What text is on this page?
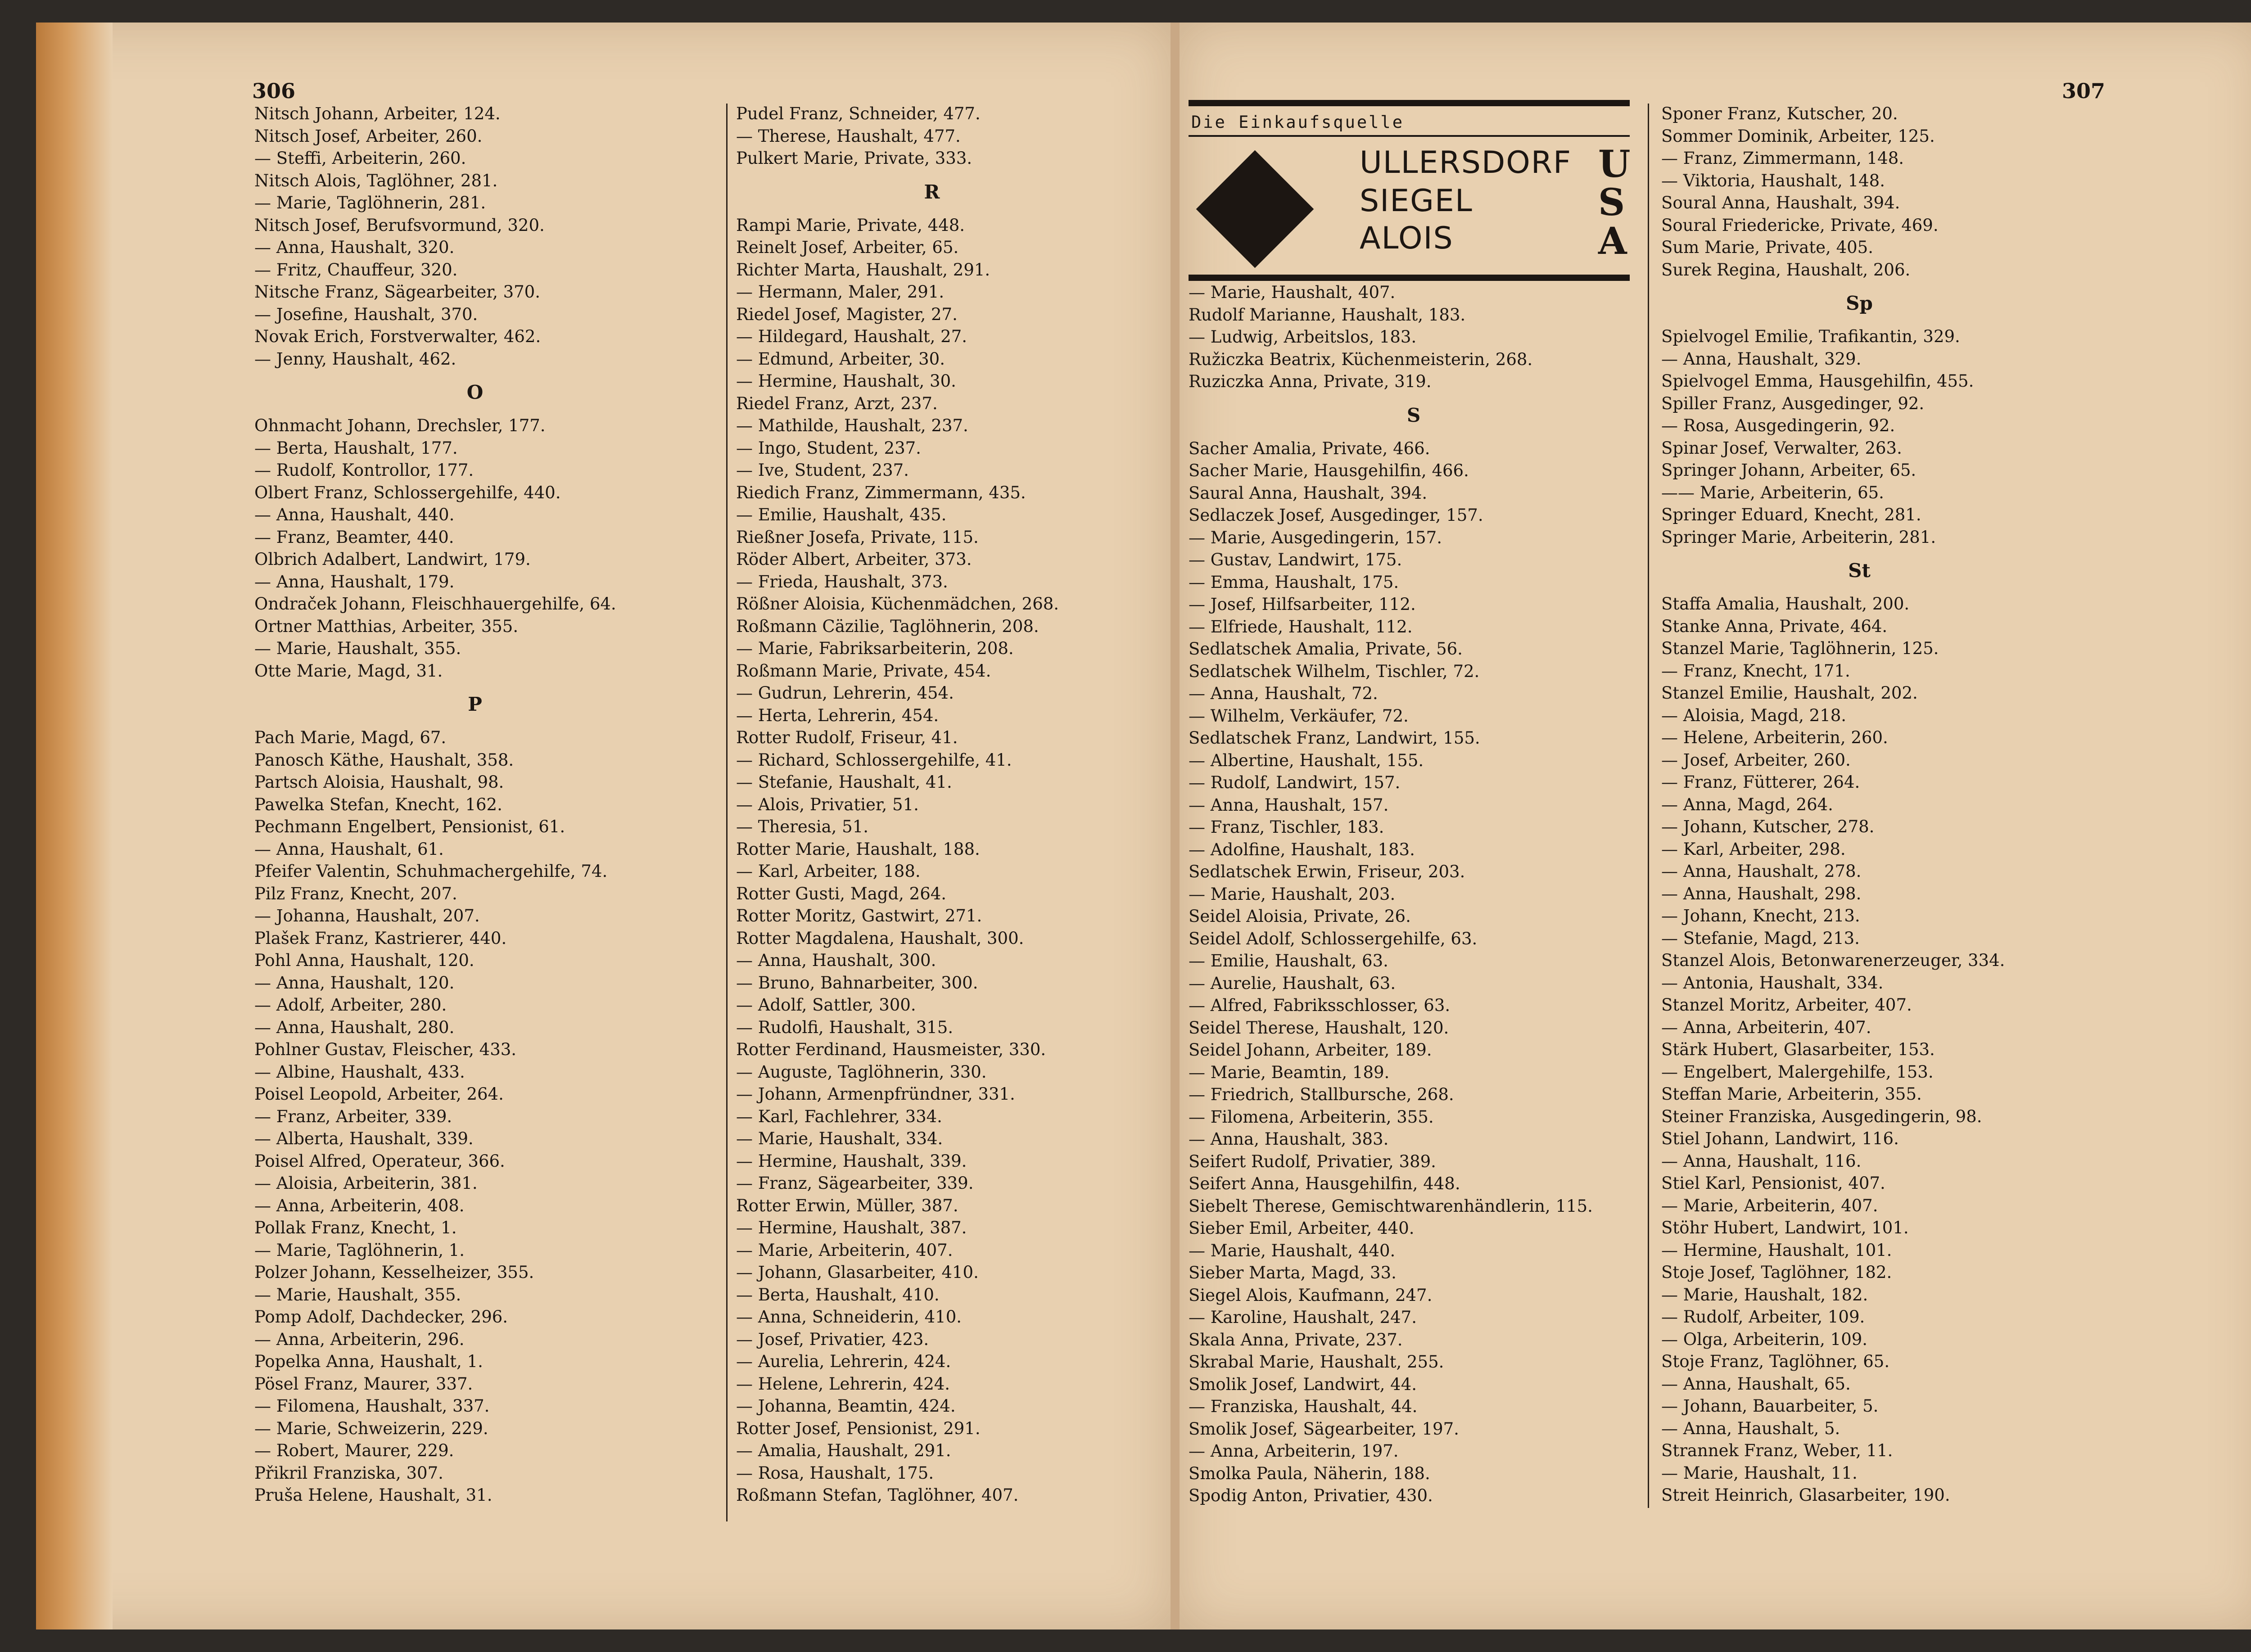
306	307
Nitsch Johann, Arbeiter, 124.
Nitsch Josef, Arbeiter, 260.
— Steffi, Arbeiterin, 260.
Nitsch Alois, Taglöhner, 281.
— Marie, Taglöhnerin, 281.
Nitsch Josef, Berufsvormund, 320.
— Anna, Haushalt, 320.
— Fritz, Chauffeur, 320.
Nitsche Franz, Sägearbeiter, 370.
— Josefine, Haushalt, 370.
Novak Erich, Forstverwalter, 462.
— Jenny, Haushalt, 462.
O
Ohnmacht Johann, Drechsler, 177.
— Berta, Haushalt, 177.
— Rudolf, Kontrollor, 177.
Olbert Franz, Schlossergehilfe, 440.
— Anna, Haushalt, 440.
— Franz, Beamter, 440.
Olbrich Adalbert, Landwirt, 179.
— Anna, Haushalt, 179.
Ondraček Johann, Fleischhauergehilfe, 64.
Ortner Matthias, Arbeiter, 355.
— Marie, Haushalt, 355.
Otte Marie, Magd, 31.
P
Pach Marie, Magd, 67.
Panosch Käthe, Haushalt, 358.
Partsch Aloisia, Haushalt, 98.
Pawelka Stefan, Knecht, 162.
Pechmann Engelbert, Pensionist, 61.
— Anna, Haushalt, 61.
Pfeifer Valentin, Schuhmachergehilfe, 74.
Pilz Franz, Knecht, 207.
— Johanna, Haushalt, 207.
Plašek Franz, Kastrierer, 440.
Pohl Anna, Haushalt, 120.
— Anna, Haushalt, 120.
— Adolf, Arbeiter, 280.
— Anna, Haushalt, 280.
Pohlner Gustav, Fleischer, 433.
— Albine, Haushalt, 433.
Poisel Leopold, Arbeiter, 264.
— Franz, Arbeiter, 339.
— Alberta, Haushalt, 339.
Poisel Alfred, Operateur, 366.
— Aloisia, Arbeiterin, 381.
— Anna, Arbeiterin, 408.
Pollak Franz, Knecht, 1.
— Marie, Taglöhnerin, 1.
Polzer Johann, Kesselheizer, 355.
— Marie, Haushalt, 355.
Pomp Adolf, Dachdecker, 296.
— Anna, Arbeiterin, 296.
Popelka Anna, Haushalt, 1.
Pösel Franz, Maurer, 337.
— Filomena, Haushalt, 337.
— Marie, Schweizerin, 229.
— Robert, Maurer, 229.
Přikril Franziska, 307.
Pruša Helene, Haushalt, 31.
Pudel Franz, Schneider, 477.
— Therese, Haushalt, 477.
Pulkert Marie, Private, 333.
R
Rampi Marie, Private, 448.
Reinelt Josef, Arbeiter, 65.
Richter Marta, Haushalt, 291.
— Hermann, Maler, 291.
Riedel Josef, Magister, 27.
— Hildegard, Haushalt, 27.
— Edmund, Arbeiter, 30.
— Hermine, Haushalt, 30.
Riedel Franz, Arzt, 237.
— Mathilde, Haushalt, 237.
— Ingo, Student, 237.
— Ive, Student, 237.
Riedich Franz, Zimmermann, 435.
— Emilie, Haushalt, 435.
Rießner Josefa, Private, 115.
Röder Albert, Arbeiter, 373.
— Frieda, Haushalt, 373.
Rößner Aloisia, Küchenmädchen, 268.
Roßmann Cäzilie, Taglöhnerin, 208.
— Marie, Fabriksarbeiterin, 208.
Roßmann Marie, Private, 454.
— Gudrun, Lehrerin, 454.
— Herta, Lehrerin, 454.
Rotter Rudolf, Friseur, 41.
— Richard, Schlossergehilfe, 41.
— Stefanie, Haushalt, 41.
— Alois, Privatier, 51.
— Theresia, 51.
Rotter Marie, Haushalt, 188.
— Karl, Arbeiter, 188.
Rotter Gusti, Magd, 264.
Rotter Moritz, Gastwirt, 271.
Rotter Magdalena, Haushalt, 300.
— Anna, Haushalt, 300.
— Bruno, Bahnarbeiter, 300.
— Adolf, Sattler, 300.
— Rudolfi, Haushalt, 315.
Rotter Ferdinand, Hausmeister, 330.
— Auguste, Taglöhnerin, 330.
— Johann, Armenpfründner, 331.
— Karl, Fachlehrer, 334.
— Marie, Haushalt, 334.
— Hermine, Haushalt, 339.
— Franz, Sägearbeiter, 339.
Rotter Erwin, Müller, 387.
— Hermine, Haushalt, 387.
— Marie, Arbeiterin, 407.
— Johann, Glasarbeiter, 410.
— Berta, Haushalt, 410.
— Anna, Schneiderin, 410.
— Josef, Privatier, 423.
— Aurelia, Lehrerin, 424.
— Helene, Lehrerin, 424.
— Johanna, Beamtin, 424.
Rotter Josef, Pensionist, 291.
— Amalia, Haushalt, 291.
— Rosa, Haushalt, 175.
Roßmann Stefan, Taglöhner, 407.
— Marie, Haushalt, 407.
Rudolf Marianne, Haushalt, 183.
— Ludwig, Arbeitslos, 183.
Ružiczka Beatrix, Küchenmeisterin, 268.
Ruziczka Anna, Private, 319.
S
Sacher Amalia, Private, 466.
Sacher Marie, Hausgehilfin, 466.
Saural Anna, Haushalt, 394.
Sedlaczek Josef, Ausgedinger, 157.
— Marie, Ausgedingerin, 157.
— Gustav, Landwirt, 175.
— Emma, Haushalt, 175.
— Josef, Hilfsarbeiter, 112.
— Elfriede, Haushalt, 112.
Sedlatschek Amalia, Private, 56.
Sedlatschek Wilhelm, Tischler, 72.
— Anna, Haushalt, 72.
— Wilhelm, Verkäufer, 72.
Sedlatschek Franz, Landwirt, 155.
— Albertine, Haushalt, 155.
— Rudolf, Landwirt, 157.
— Anna, Haushalt, 157.
— Franz, Tischler, 183.
— Adolfine, Haushalt, 183.
Sedlatschek Erwin, Friseur, 203.
— Marie, Haushalt, 203.
Seidel Aloisia, Private, 26.
Seidel Adolf, Schlossergehilfe, 63.
— Emilie, Haushalt, 63.
— Aurelie, Haushalt, 63.
— Alfred, Fabriksschlosser, 63.
Seidel Therese, Haushalt, 120.
Seidel Johann, Arbeiter, 189.
— Marie, Beamtin, 189.
— Friedrich, Stallbursche, 268.
— Filomena, Arbeiterin, 355.
— Anna, Haushalt, 383.
Seifert Rudolf, Privatier, 389.
Seifert Anna, Hausgehilfin, 448.
Siebelt Therese, Gemischtwarenhändlerin, 115.
Sieber Emil, Arbeiter, 440.
— Marie, Haushalt, 440.
Sieber Marta, Magd, 33.
Siegel Alois, Kaufmann, 247.
— Karoline, Haushalt, 247.
Skala Anna, Private, 237.
Skrabal Marie, Haushalt, 255.
Smolik Josef, Landwirt, 44.
— Franziska, Haushalt, 44.
Smolik Josef, Sägearbeiter, 197.
— Anna, Arbeiterin, 197.
Smolka Paula, Näherin, 188.
Spodig Anton, Privatier, 430.
Sponer Franz, Kutscher, 20.
Sommer Dominik, Arbeiter, 125.
— Franz, Zimmermann, 148.
— Viktoria, Haushalt, 148.
Soural Anna, Haushalt, 394.
Soural Friedericke, Private, 469.
Sum Marie, Private, 405.
Surek Regina, Haushalt, 206.
Sp
Spielvogel Emilie, Trafikantin, 329.
— Anna, Haushalt, 329.
Spielvogel Emma, Hausgehilfin, 455.
Spiller Franz, Ausgedinger, 92.
— Rosa, Ausgedingerin, 92.
Spinar Josef, Verwalter, 263.
Springer Johann, Arbeiter, 65.
—— Marie, Arbeiterin, 65.
Springer Eduard, Knecht, 281.
Springer Marie, Arbeiterin, 281.
St
Staffa Amalia, Haushalt, 200.
Stanke Anna, Private, 464.
Stanzel Marie, Taglöhnerin, 125.
— Franz, Knecht, 171.
Stanzel Emilie, Haushalt, 202.
— Aloisia, Magd, 218.
— Helene, Arbeiterin, 260.
— Josef, Arbeiter, 260.
— Franz, Fütterer, 264.
— Anna, Magd, 264.
— Johann, Kutscher, 278.
— Karl, Arbeiter, 298.
— Anna, Haushalt, 278.
— Anna, Haushalt, 298.
— Johann, Knecht, 213.
— Stefanie, Magd, 213.
Stanzel Alois, Betonwarenerzeuger, 334.
— Antonia, Haushalt, 334.
Stanzel Moritz, Arbeiter, 407.
— Anna, Arbeiterin, 407.
Stärk Hubert, Glasarbeiter, 153.
— Engelbert, Malergehilfe, 153.
Steffan Marie, Arbeiterin, 355.
Steiner Franziska, Ausgedingerin, 98.
Stiel Johann, Landwirt, 116.
— Anna, Haushalt, 116.
Stiel Karl, Pensionist, 407.
— Marie, Arbeiterin, 407.
Stöhr Hubert, Landwirt, 101.
— Hermine, Haushalt, 101.
Stoje Josef, Taglöhner, 182.
— Marie, Haushalt, 182.
— Rudolf, Arbeiter, 109.
— Olga, Arbeiterin, 109.
Stoje Franz, Taglöhner, 65.
— Anna, Haushalt, 65.
— Johann, Bauarbeiter, 5.
— Anna, Haushalt, 5.
Strannek Franz, Weber, 11.
— Marie, Haushalt, 11.
Streit Heinrich, Glasarbeiter, 190.
Die Einkaufsquelle
ULLERSDORF
SIEGEL
ALOIS
U
S
A
